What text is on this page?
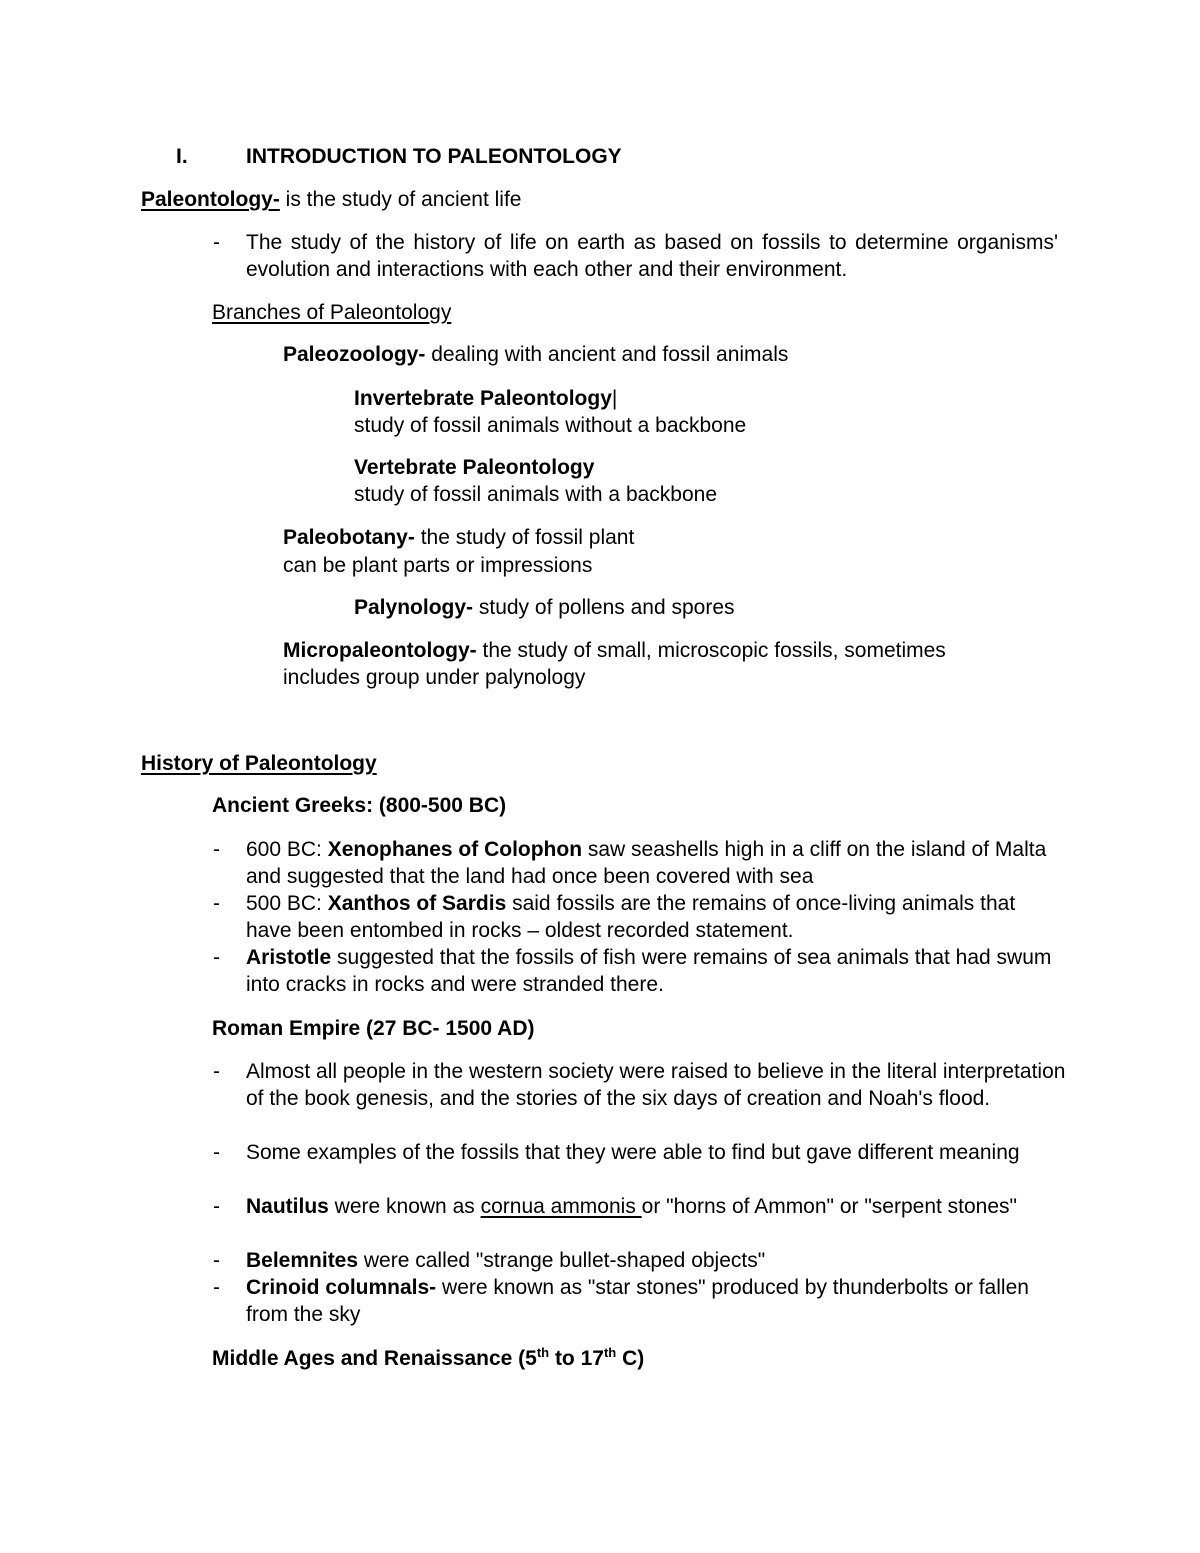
I.	INTRODUCTION TO PALEONTOLOGY
Paleontology- is the study of ancient life
- The study of the history of life on earth as based on fossils to determine organisms' evolution and interactions with each other and their environment.
Branches of Paleontology
Paleozoology- dealing with ancient and fossil animals
Invertebrate Paleontology|
study of fossil animals without a backbone
Vertebrate Paleontology
study of fossil animals with a backbone
Paleobotany- the study of fossil plant
can be plant parts or impressions
Palynology- study of pollens and spores
Micropaleontology- the study of small, microscopic fossils, sometimes
includes group under palynology
History of Paleontology
Ancient Greeks: (800-500 BC)
- 600 BC: Xenophanes of Colophon saw seashells high in a cliff on the island of Malta and suggested that the land had once been covered with sea
- 500 BC: Xanthos of Sardis said fossils are the remains of once-living animals that have been entombed in rocks – oldest recorded statement.
- Aristotle suggested that the fossils of fish were remains of sea animals that had swum into cracks in rocks and were stranded there.
Roman Empire (27 BC- 1500 AD)
- Almost all people in the western society were raised to believe in the literal interpretation of the book genesis, and the stories of the six days of creation and Noah's flood.
- Some examples of the fossils that they were able to find but gave different meaning
- Nautilus were known as cornua ammonis or "horns of Ammon" or "serpent stones"
- Belemnites were called "strange bullet-shaped objects"
- Crinoid columnals- were known as "star stones" produced by thunderbolts or fallen from the sky
Middle Ages and Renaissance (5th to 17th C)
